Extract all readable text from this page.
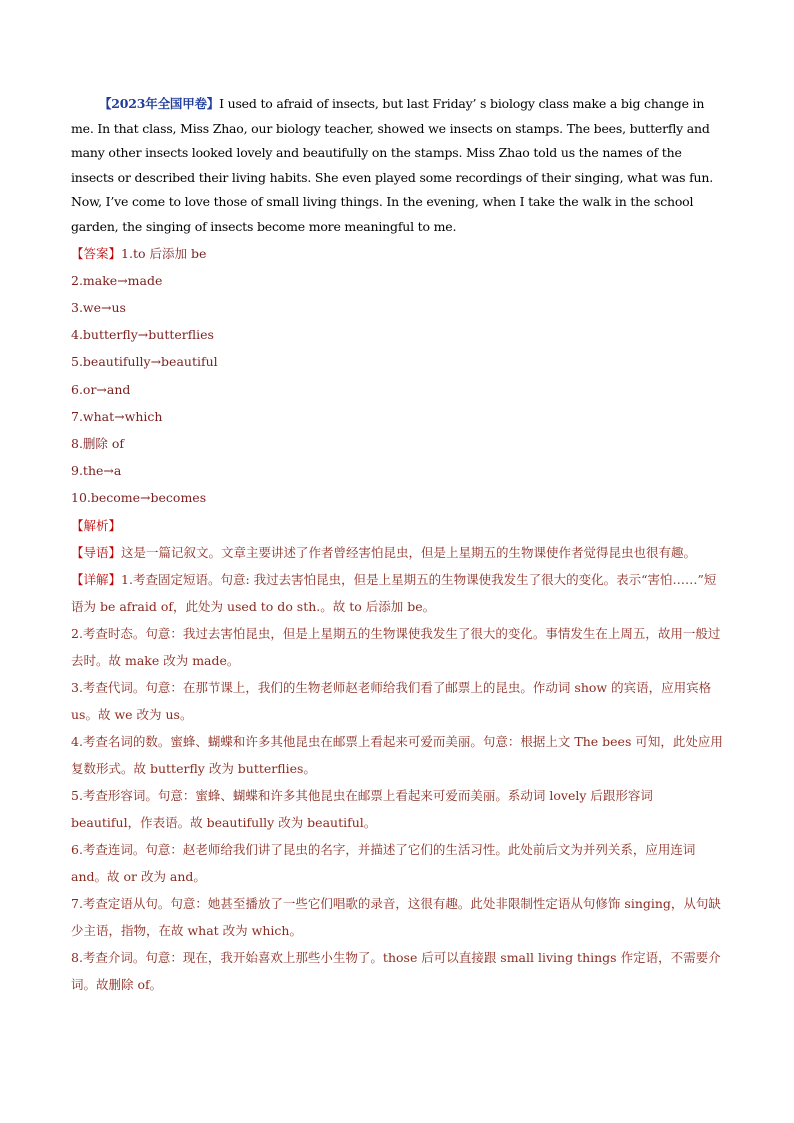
【2023年全国甲卷】I used to afraid of insects, but last Friday’ s biology class make a big change in me. In that class, Miss Zhao, our biology teacher, showed we insects on stamps. The bees, butterfly and many other insects looked lovely and beautifully on the stamps. Miss Zhao told us the names of the insects or described their living habits. She even played some recordings of their singing, what was fun. Now, I’ve come to love those of small living things. In the evening, when I take the walk in the school garden, the singing of insects become more meaningful to me.

【答案】1.to 后添加 be

2.make→made

3.we→us

4.butterfly→butterflies

5.beautifully→beautiful

6.or→and

7.what→which

8.删除 of

9.the→a

10.become→becomes

【解析】

【导语】这是一篇记叙文。文章主要讲述了作者曾经害怕昆虫，但是上星期五的生物课使作者觉得昆虫也很有趣。

【详解】1.考查固定短语。句意: 我过去害怕昆虫，但是上星期五的生物课使我发生了很大的变化。表示“害怕……”短语为 be afraid of，此处为 used to do sth.。故 to 后添加 be。

2.考查时态。句意：我过去害怕昆虫，但是上星期五的生物课使我发生了很大的变化。事情发生在上周五，故用一般过去时。故 make 改为 made。

3.考查代词。句意：在那节课上，我们的生物老师赵老师给我们看了邮票上的昆虫。作动词 show 的宾语，应用宾格 us。故 we 改为 us。

4.考查名词的数。蜜蜂、蝴蝶和许多其他昆虫在邮票上看起来可爱而美丽。句意：根据上文 The bees 可知，此处应用复数形式。故 butterfly 改为 butterflies。

5.考查形容词。句意：蜜蜂、蝴蝶和许多其他昆虫在邮票上看起来可爱而美丽。系动词 lovely 后跟形容词 beautiful，作表语。故 beautifully 改为 beautiful。

6.考查连词。句意：赵老师给我们讲了昆虫的名字，并描述了它们的生活习性。此处前后文为并列关系，应用连词 and。故 or 改为 and。

7.考查定语从句。句意：她甚至播放了一些它们唱歌的录音，这很有趣。此处非限制性定语从句修饰 singing，从句缺少主语，指物，在故 what 改为 which。

8.考查介词。句意：现在，我开始喜欢上那些小生物了。those 后可以直接跟 small living things 作定语，不需要介词。故删除 of。
